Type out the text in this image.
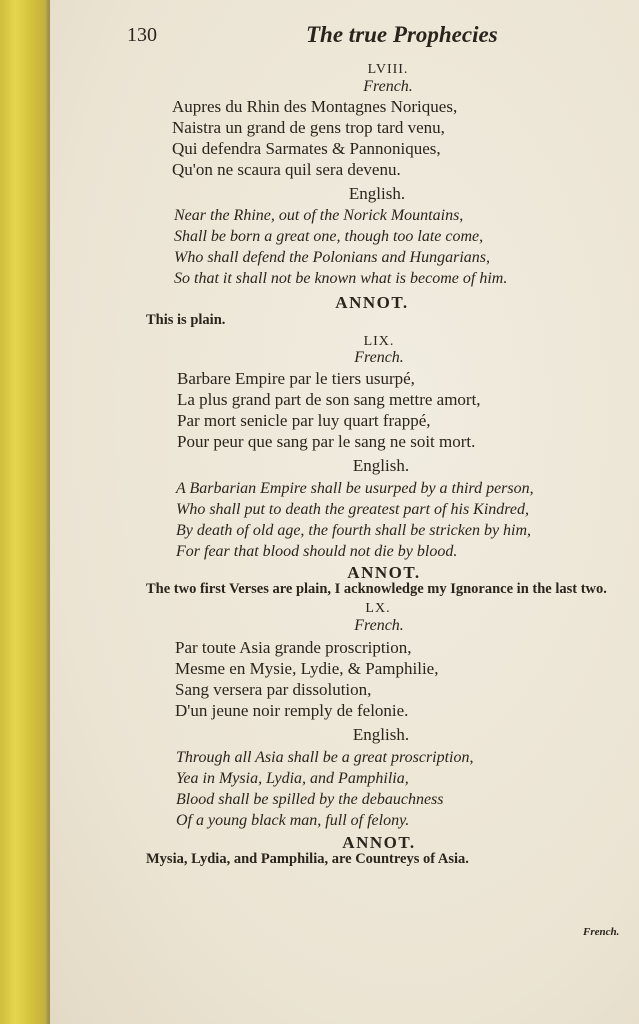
130	The true Prophecies
LVIII.
French.
Aupres du Rhin des Montagnes Noriques,
Naistra un grand de gens trop tard venu,
Qui defendra Sarmates & Pannoniques,
Qu'on ne scaura quil sera devenu.
English.
Near the Rhine, out of the Norick Mountains,
Shall be born a great one, though too late come,
Who shall defend the Polonians and Hungarians,
So that it shall not be known what is become of him.
ANNOT.
This is plain.
LIX.
French.
Barbare Empire par le tiers usurpé,
La plus grand part de son sang mettre amort,
Par mort senicle par luy quart frappé,
Pour peur que sang par le sang ne soit mort.
English.
A Barbarian Empire shall be usurped by a third person,
Who shall put to death the greatest part of his Kindred,
By death of old age, the fourth shall be stricken by him,
For fear that blood should not die by blood.
ANNOT.
The two first Verses are plain, I acknowledge my Ignorance in the last two.
LX.
French.
Par toute Asia grande proscription,
Mesme en Mysie, Lydie, & Pamphilie,
Sang versera par dissolution,
D'un jeune noir remply de felonie.
English.
Through all Asia shall be a great proscription,
Yea in Mysia, Lydia, and Pamphilia,
Blood shall be spilled by the debauchness
Of a young black man, full of felony.
ANNOT.
Mysia, Lydia, and Pamphilia, are Countreys of Asia.
French.
